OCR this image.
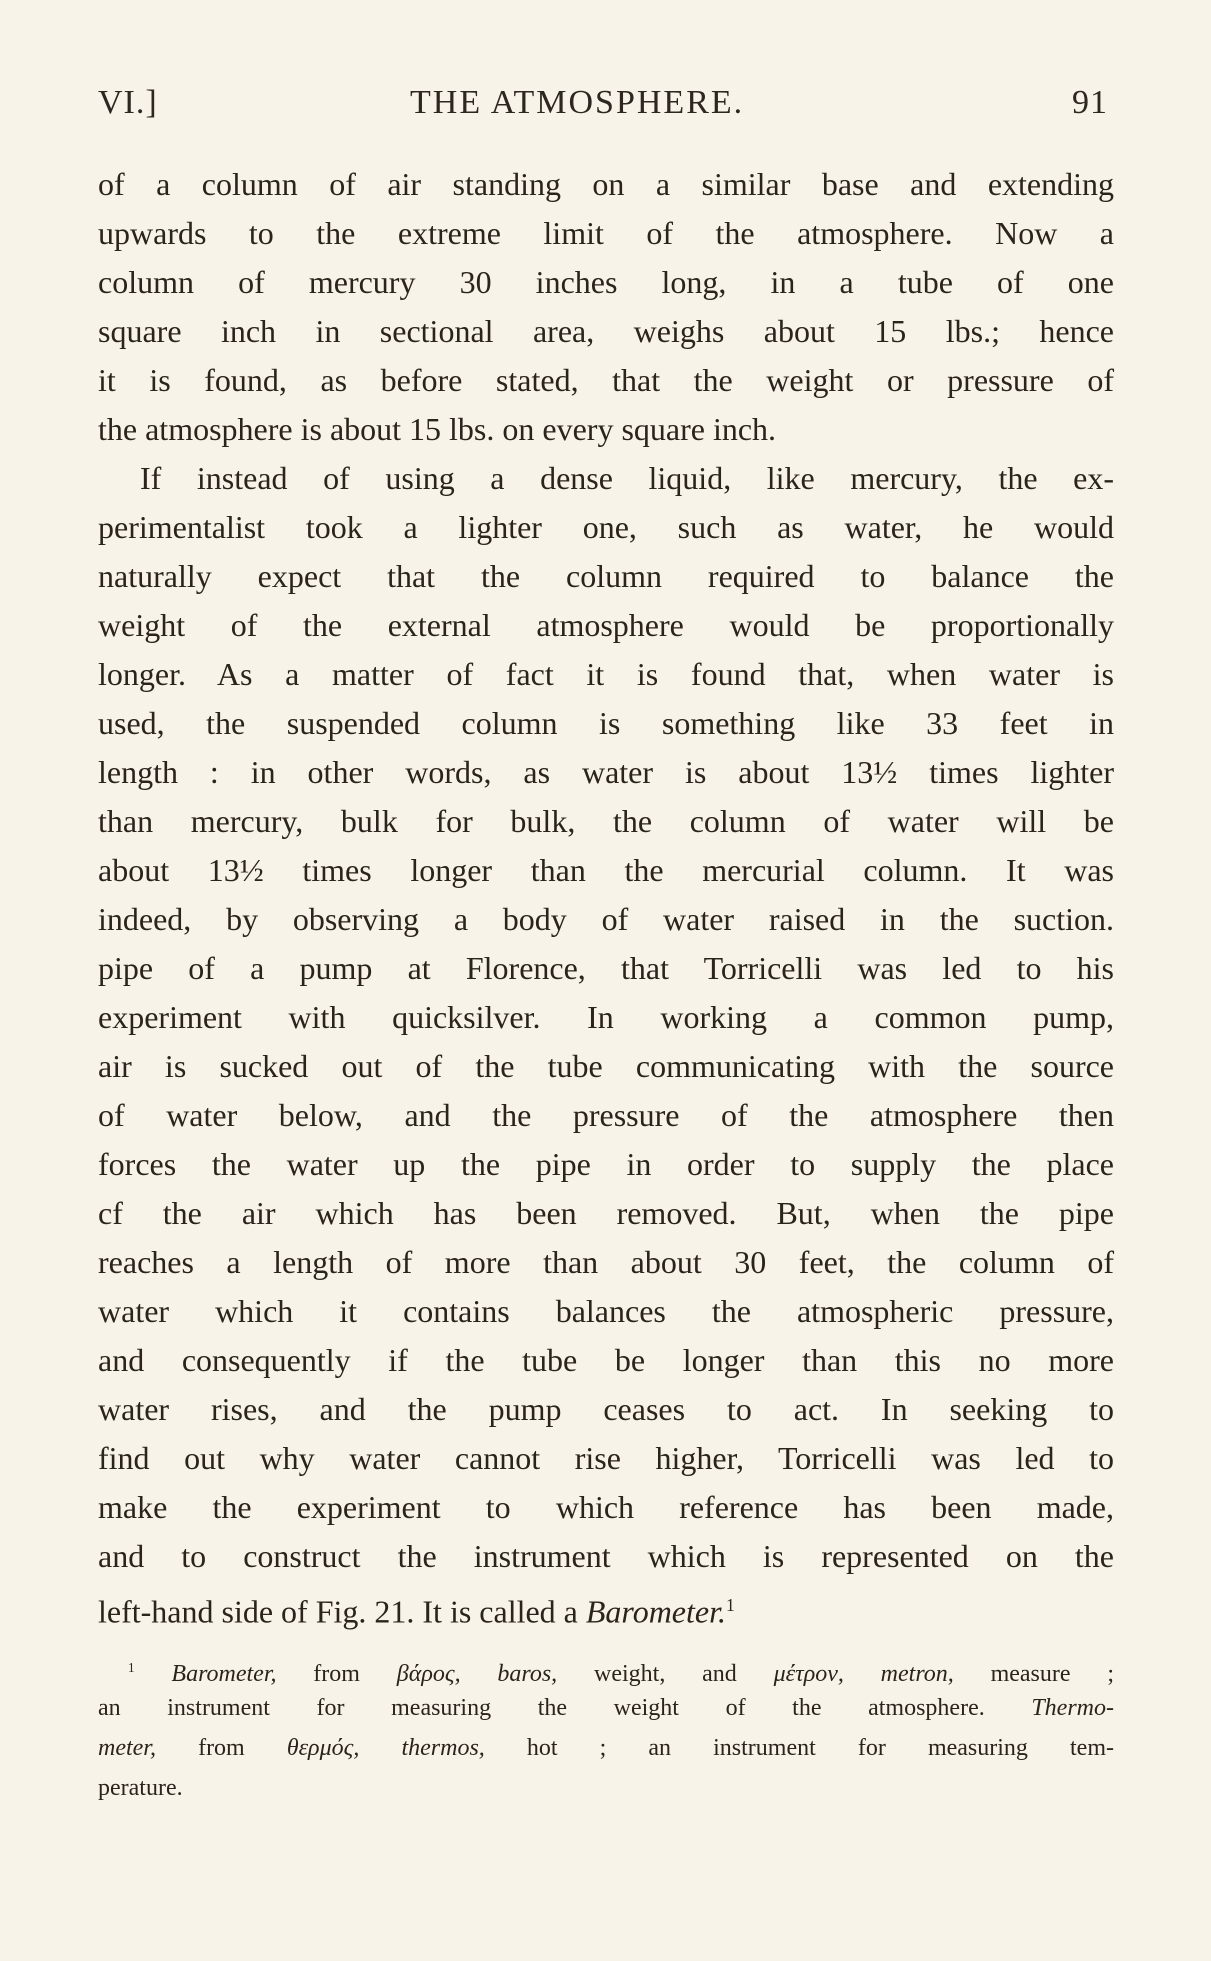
VI.]	THE ATMOSPHERE.	91
of a column of air standing on a similar base and extending
upwards to the extreme limit of the atmosphere. Now a
column of mercury 30 inches long, in a tube of one
square inch in sectional area, weighs about 15 lbs.; hence
it is found, as before stated, that the weight or pressure of
the atmosphere is about 15 lbs. on every square inch.
If instead of using a dense liquid, like mercury, the ex-
perimentalist took a lighter one, such as water, he would
naturally expect that the column required to balance the
weight of the external atmosphere would be proportionally
longer. As a matter of fact it is found that, when water is
used, the suspended column is something like 33 feet in
length : in other words, as water is about 13½ times lighter
than mercury, bulk for bulk, the column of water will be
about 13½ times longer than the mercurial column. It was
indeed, by observing a body of water raised in the suction.
pipe of a pump at Florence, that Torricelli was led to his
experiment with quicksilver. In working a common pump,
air is sucked out of the tube communicating with the source
of water below, and the pressure of the atmosphere then
forces the water up the pipe in order to supply the place
cf the air which has been removed. But, when the pipe
reaches a length of more than about 30 feet, the column of
water which it contains balances the atmospheric pressure,
and consequently if the tube be longer than this no more
water rises, and the pump ceases to act. In seeking to
find out why water cannot rise higher, Torricelli was led to
make the experiment to which reference has been made,
and to construct the instrument which is represented on the
left-hand side of Fig. 21. It is called a Barometer.$^1$
$^1$ Barometer, from βάρος, baros, weight, and μέτρον, metron, measure ;
an instrument for measuring the weight of the atmosphere. Thermo-
meter, from θερμός, thermos, hot ; an instrument for measuring tem-
perature.
